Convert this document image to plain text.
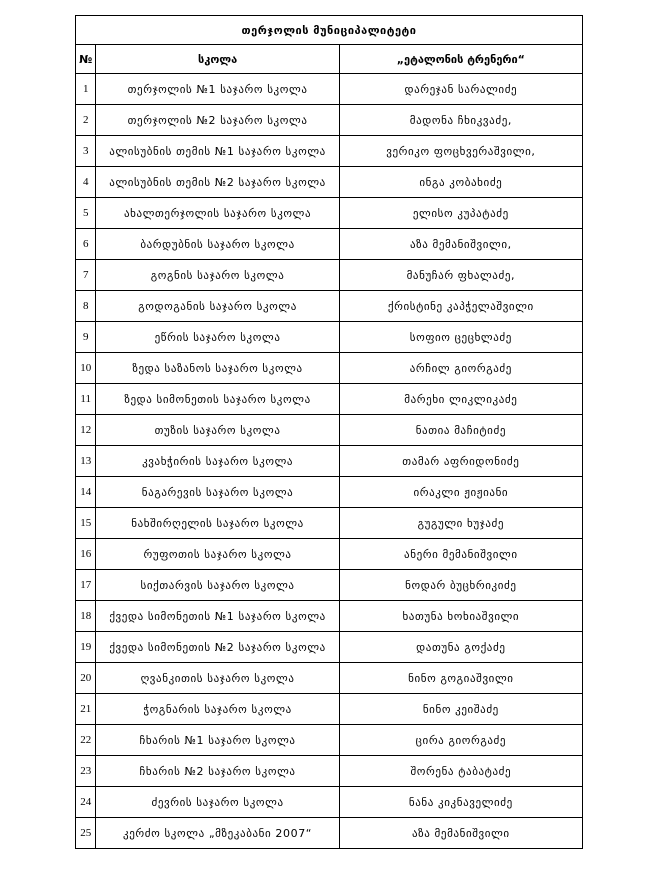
თერჯოლის მუნიციპალიტეტი		
№	სკოლა	„ეტალონის ტრენერი“
1	თერჯოლის №1 საჯარო სკოლა	დარეჯან სარალიძე
2	თერჯოლის №2 საჯარო სკოლა	მადონა ჩხიკვაძე,
3	ალისუბნის თემის №1 საჯარო სკოლა	ვერიკო ფოცხვერაშვილი,
4	ალისუბნის თემის №2 საჯარო სკოლა	ინგა კობახიძე
5	ახალთერჯოლის საჯარო სკოლა	ელისო კუპატაძე
6	ბარდუბნის საჯარო სკოლა	აზა მემანიშვილი,
7	გოგნის საჯარო სკოლა	მანუჩარ ფხალაძე,
8	გოდოგანის საჯარო სკოლა	ქრისტინე კაპჭელაშვილი
9	ეწრის საჯარო სკოლა	სოფიო ცეცხლაძე
10	ზედა საზანოს საჯარო სკოლა	არჩილ გიორგაძე
11	ზედა სიმონეთის საჯარო სკოლა	მარეხი ლიკლიკაძე
12	თუზის საჯარო სკოლა	ნათია მაჩიტიძე
13	კვახჭირის საჯარო სკოლა	თამარ აფრიდონიძე
14	ნაგარევის საჯარო სკოლა	ირაკლი ჟიჟიანი
15	ნახშირღელის საჯარო სკოლა	გუგული ხუჯაძე
16	რუფოთის საჯარო სკოლა	ანერი მემანიშვილი
17	სიქთარვის საჯარო სკოლა	ნოდარ ბუცხრიკიძე
18	ქვედა სიმონეთის №1 საჯარო სკოლა	ხათუნა ხოხიაშვილი
19	ქვედა სიმონეთის №2 საჯარო სკოლა	დათუნა გოქაძე
20	ღვანკითის საჯარო სკოლა	ნინო გოგიაშვილი
21	ჭოგნარის საჯარო სკოლა	ნინო კეიშაძე
22	ჩხარის №1 საჯარო სკოლა	ცირა გიორგაძე
23	ჩხარის №2 საჯარო სკოლა	შორენა ტაბატაძე
24	ძევრის საჯარო სკოლა	ნანა კიკნაველიძე
25	კერძო სკოლა „მზეკაბანი 2007“	აზა მემანიშვილი
